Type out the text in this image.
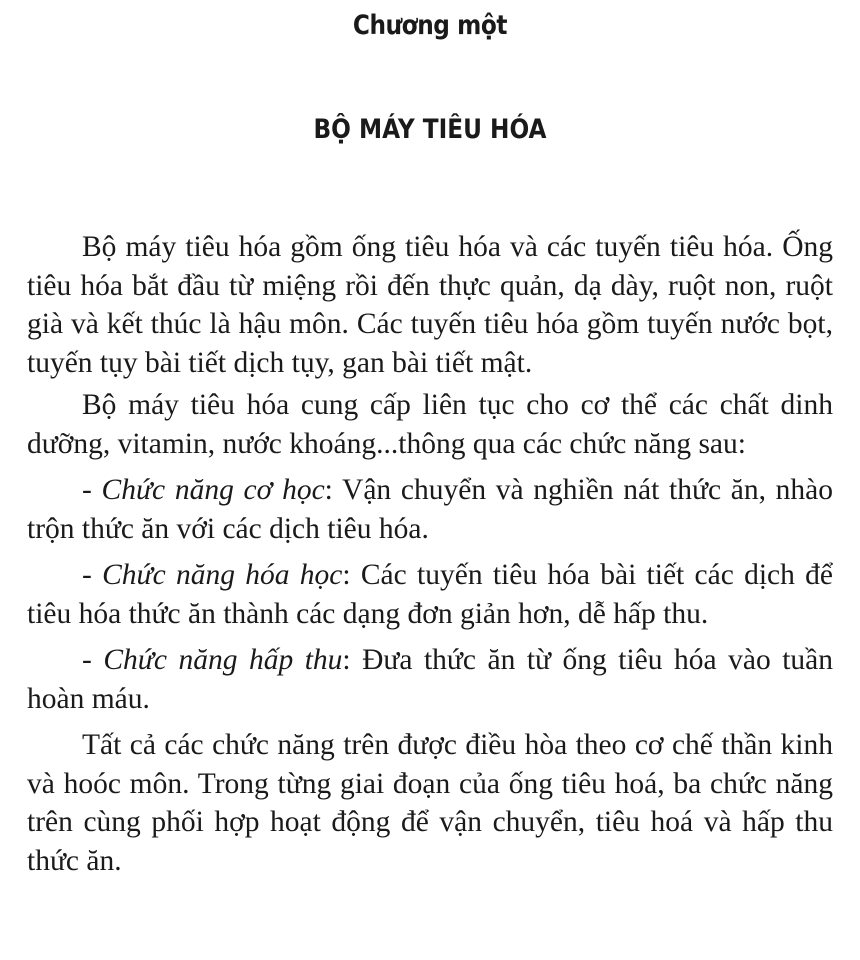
Chương một
BỘ MÁY TIÊU HÓA

Bộ máy tiêu hóa gồm ống tiêu hóa và các tuyến tiêu hóa. Ống tiêu hóa bắt đầu từ miệng rồi đến thực quản, dạ dày, ruột non, ruột già và kết thúc là hậu môn. Các tuyến tiêu hóa gồm tuyến nước bọt, tuyến tụy bài tiết dịch tụy, gan bài tiết mật.

Bộ máy tiêu hóa cung cấp liên tục cho cơ thể các chất dinh dưỡng, vitamin, nước khoáng...thông qua các chức năng sau:

- Chức năng cơ học: Vận chuyển và nghiền nát thức ăn, nhào trộn thức ăn với các dịch tiêu hóa.

- Chức năng hóa học: Các tuyến tiêu hóa bài tiết các dịch để tiêu hóa thức ăn thành các dạng đơn giản hơn, dễ hấp thu.

- Chức năng hấp thu: Đưa thức ăn từ ống tiêu hóa vào tuần hoàn máu.

Tất cả các chức năng trên được điều hòa theo cơ chế thần kinh và hoóc môn. Trong từng giai đoạn của ống tiêu hoá, ba chức năng trên cùng phối hợp hoạt động để vận chuyển, tiêu hoá và hấp thu thức ăn.
